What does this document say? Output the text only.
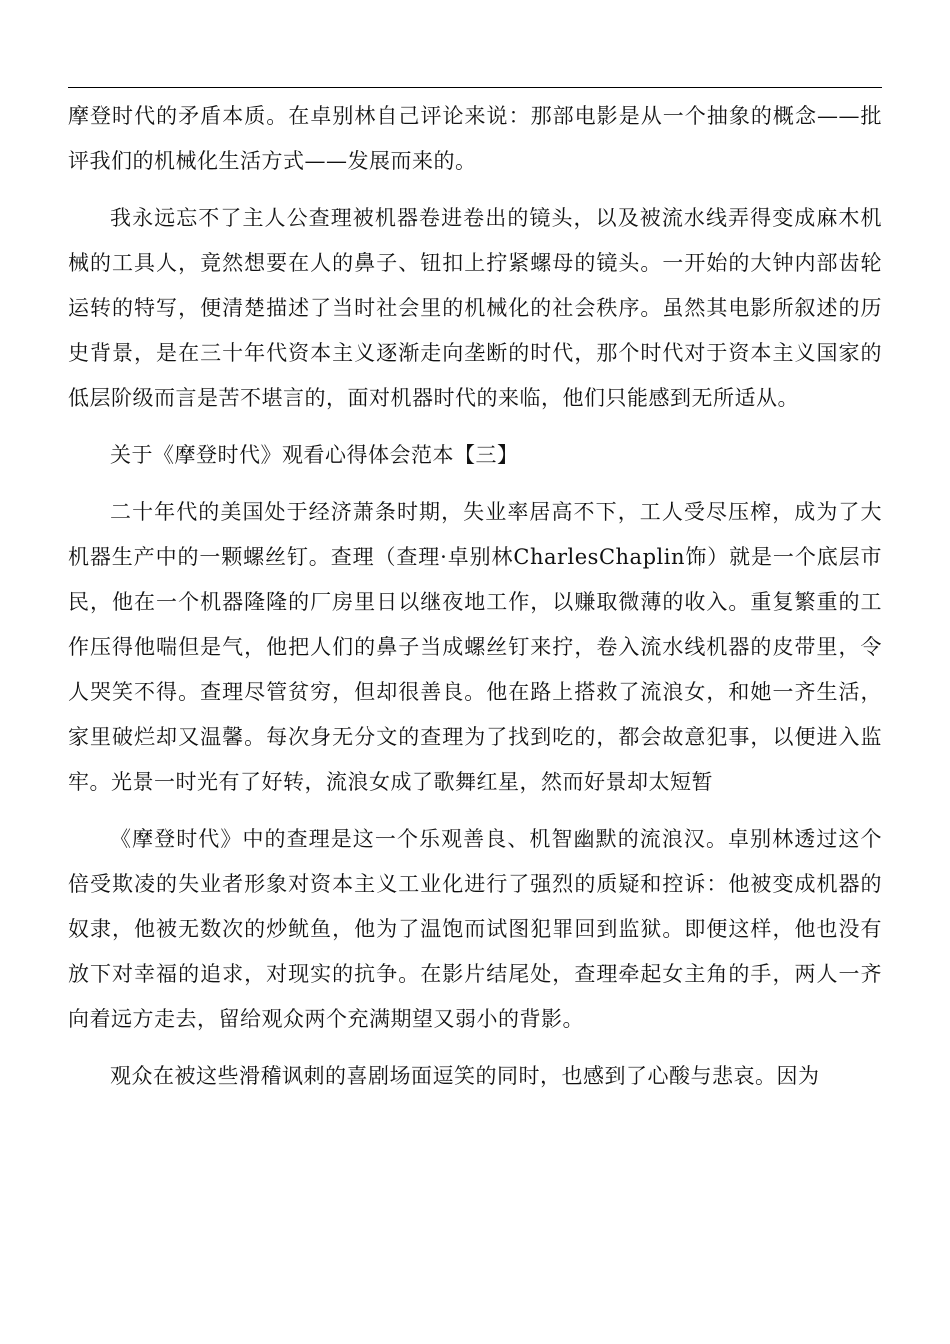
摩登时代的矛盾本质。在卓别林自己评论来说：那部电影是从一个抽象的概念——批评我们的机械化生活方式——发展而来的。

我永远忘不了主人公查理被机器卷进卷出的镜头，以及被流水线弄得变成麻木机械的工具人，竟然想要在人的鼻子、钮扣上拧紧螺母的镜头。一开始的大钟内部齿轮运转的特写，便清楚描述了当时社会里的机械化的社会秩序。虽然其电影所叙述的历史背景，是在三十年代资本主义逐渐走向垄断的时代，那个时代对于资本主义国家的低层阶级而言是苦不堪言的，面对机器时代的来临，他们只能感到无所适从。

关于《摩登时代》观看心得体会范本【三】

二十年代的美国处于经济萧条时期，失业率居高不下，工人受尽压榨，成为了大机器生产中的一颗螺丝钉。查理（查理·卓别林CharlesChaplin饰）就是一个底层市民，他在一个机器隆隆的厂房里日以继夜地工作，以赚取微薄的收入。重复繁重的工作压得他喘但是气，他把人们的鼻子当成螺丝钉来拧，卷入流水线机器的皮带里，令人哭笑不得。查理尽管贫穷，但却很善良。他在路上搭救了流浪女，和她一齐生活，家里破烂却又温馨。每次身无分文的查理为了找到吃的，都会故意犯事，以便进入监牢。光景一时光有了好转，流浪女成了歌舞红星，然而好景却太短暂

《摩登时代》中的查理是这一个乐观善良、机智幽默的流浪汉。卓别林透过这个倍受欺凌的失业者形象对资本主义工业化进行了强烈的质疑和控诉：他被变成机器的奴隶，他被无数次的炒鱿鱼，他为了温饱而试图犯罪回到监狱。即便这样，他也没有放下对幸福的追求，对现实的抗争。在影片结尾处，查理牵起女主角的手，两人一齐向着远方走去，留给观众两个充满期望又弱小的背影。

观众在被这些滑稽讽刺的喜剧场面逗笑的同时，也感到了心酸与悲哀。因为
